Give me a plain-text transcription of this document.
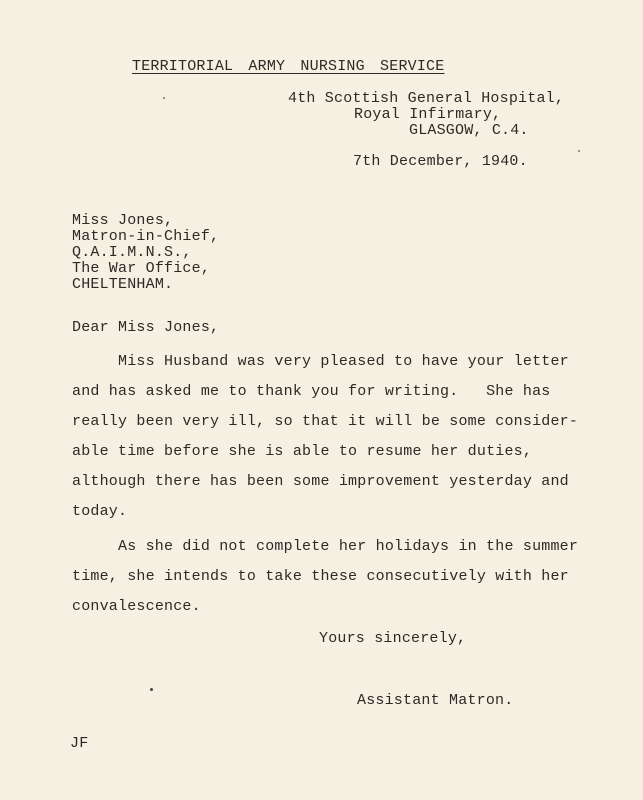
TERRITORIAL ARMY NURSING SERVICE
4th Scottish General Hospital,
Royal Infirmary,
GLASGOW, C.4.
7th December, 1940.
Miss Jones,
Matron-in-Chief,
Q.A.I.M.N.S.,
The War Office,
CHELTENHAM.
Dear Miss Jones,
Miss Husband was very pleased to have your letter
and has asked me to thank you for writing.   She has
really been very ill, so that it will be some consider-
able time before she is able to resume her duties,
although there has been some improvement yesterday and
today.
As she did not complete her holidays in the summer
time, she intends to take these consecutively with her
convalescence.
Yours sincerely,
Assistant Matron.
JF
